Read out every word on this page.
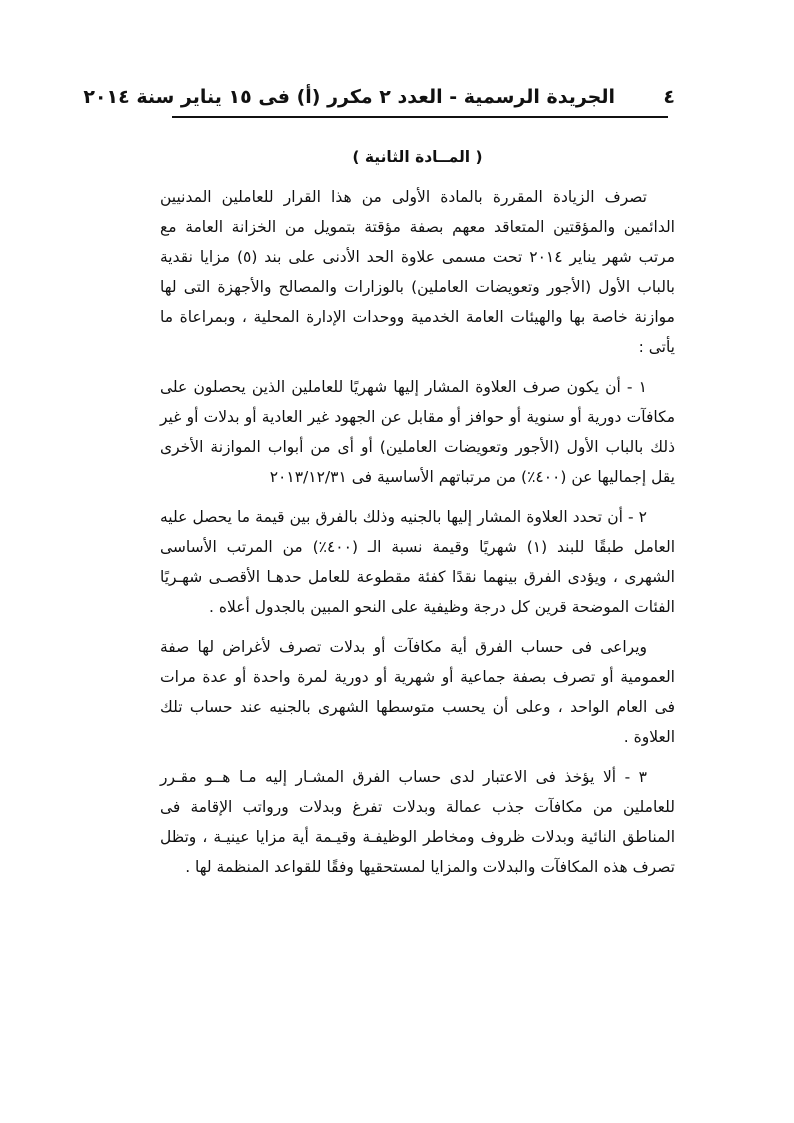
٤
الجريدة الرسمية - العدد ٢ مكرر (أ) فى ١٥ يناير سنة ٢٠١٤
( المــادة الثانية )
تصرف الزيادة المقررة بالمادة الأولى من هذا القرار للعاملين المدنيين الدائمين والمؤقتين المتعاقد معهم بصفة مؤقتة بتمويل من الخزانة العامة مع مرتب شهر يناير ٢٠١٤ تحت مسمى علاوة الحد الأدنى على بند (٥) مزايا نقدية بالباب الأول (الأجور وتعويضات العاملين) بالوزارات والمصالح والأجهزة التى لها موازنة خاصة بها والهيئات العامة الخدمية ووحدات الإدارة المحلية ، وبمراعاة ما يأتى :
١ - أن يكون صرف العلاوة المشار إليها شهريًا للعاملين الذين يحصلون على مكافآت دورية أو سنوية أو حوافز أو مقابل عن الجهود غير العادية أو بدلات أو غير ذلك بالباب الأول (الأجور وتعويضات العاملين) أو أى من أبواب الموازنة الأخرى يقل إجماليها عن (٤٠٠٪) من مرتباتهم الأساسية فى ٢٠١٣/١٢/٣١
٢ - أن تحدد العلاوة المشار إليها بالجنيه وذلك بالفرق بين قيمة ما يحصل عليه العامل طبقًا للبند (١) شهريًا وقيمة نسبة الـ (٤٠٠٪) من المرتب الأساسى الشهرى ، ويؤدى الفرق بينهما نقدًا كفئة مقطوعة للعامل حدهـا الأقصـى شهـريًا الفئات الموضحة قرين كل درجة وظيفية على النحو المبين بالجدول أعلاه .
ويراعى فى حساب الفرق أية مكافآت أو بدلات تصرف لأغراض لها صفة العمومية أو تصرف بصفة جماعية أو شهرية أو دورية لمرة واحدة أو عدة مرات فى العام الواحد ، وعلى أن يحسب متوسطها الشهرى بالجنيه عند حساب تلك العلاوة .
٣ - ألا يؤخذ فى الاعتبار لدى حساب الفرق المشـار إليه مـا هــو مقـرر للعاملين من مكافآت جذب عمالة وبدلات تفرغ وبدلات ورواتب الإقامة فى المناطق النائية وبدلات ظروف ومخاطر الوظيفـة وقيـمة أية مزايا عينيـة ، وتظل تصرف هذه المكافآت والبدلات والمزايا لمستحقيها وفقًا للقواعد المنظمة لها .
